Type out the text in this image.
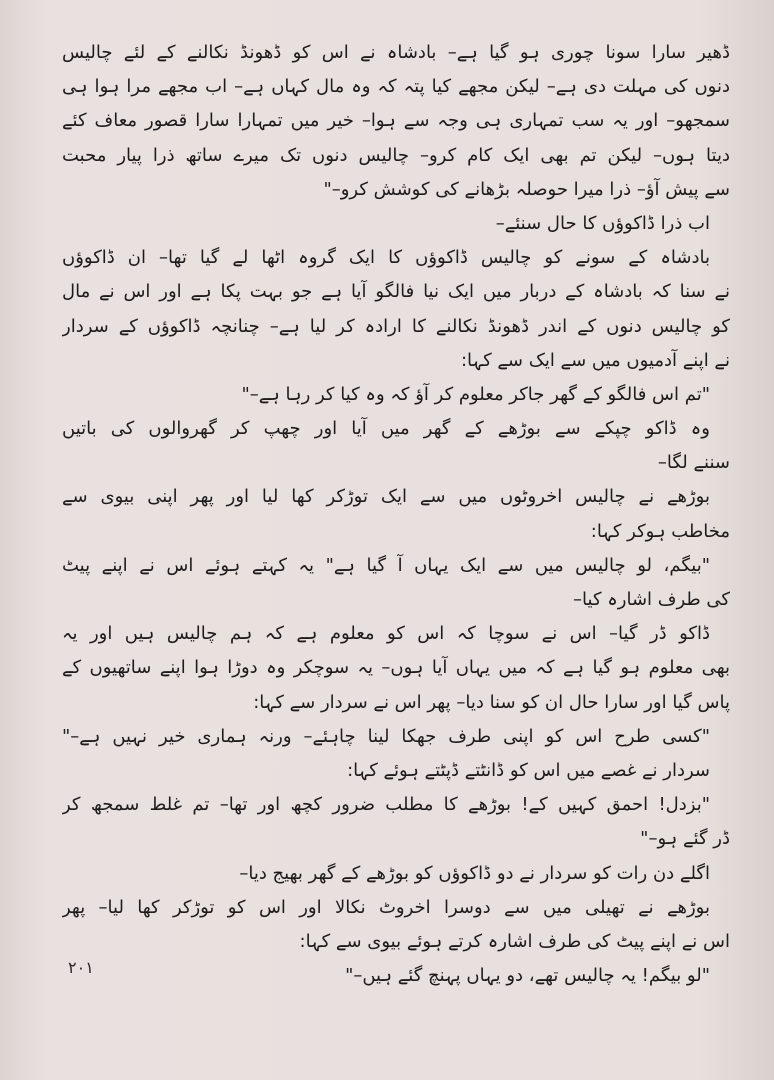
ڈھیر سارا سونا چوری ہو گیا ہے– بادشاہ نے اس کو ڈھونڈ نکالنے کے لئے چالیس
دنوں کی مہلت دی ہے– لیکن مجھے کیا پتہ کہ وہ مال کہاں ہے– اب مجھے مرا ہوا ہی
سمجھو– اور یہ سب تمہاری ہی وجہ سے ہوا– خیر میں تمہارا سارا قصور معاف کئے
دیتا ہوں– لیکن تم بھی ایک کام کرو– چالیس دنوں تک میرے ساتھ ذرا پیار محبت
سے پیش آؤ– ذرا میرا حوصلہ بڑھانے کی کوشش کرو–"
اب ذرا ڈاکوؤں کا حال سنئے–
بادشاہ کے سونے کو چالیس ڈاکوؤں کا ایک گروہ اٹھا لے گیا تھا– ان ڈاکوؤں
نے سنا کہ بادشاہ کے دربار میں ایک نیا فالگو آیا ہے جو بہت پکا ہے اور اس نے مال
کو چالیس دنوں کے اندر ڈھونڈ نکالنے کا ارادہ کر لیا ہے– چنانچہ ڈاکوؤں کے سردار
نے اپنے آدمیوں میں سے ایک سے کہا:
"تم اس فالگو کے گھر جاکر معلوم کر آؤ کہ وہ کیا کر رہا ہے–"
وہ ڈاکو چپکے سے بوڑھے کے گھر میں آیا اور چھپ کر گھروالوں کی باتیں
سننے لگا–
بوڑھے نے چالیس اخروٹوں میں سے ایک توڑکر کھا لیا اور پھر اپنی بیوی سے
مخاطب ہوکر کہا:
"بیگم، لو چالیس میں سے ایک یہاں آ گیا ہے" یہ کہتے ہوئے اس نے اپنے پیٹ
کی طرف اشارہ کیا–
ڈاکو ڈر گیا– اس نے سوچا کہ اس کو معلوم ہے کہ ہم چالیس ہیں اور یہ
بھی معلوم ہو گیا ہے کہ میں یہاں آیا ہوں– یہ سوچکر وہ دوڑا ہوا اپنے ساتھیوں کے
پاس گیا اور سارا حال ان کو سنا دیا– پھر اس نے سردار سے کہا:
"کسی طرح اس کو اپنی طرف جھکا لینا چاہئے– ورنہ ہماری خیر نہیں ہے–"
سردار نے غصے میں اس کو ڈانٹتے ڈپٹتے ہوئے کہا:
"بزدل! احمق کہیں کے! بوڑھے کا مطلب ضرور کچھ اور تھا– تم غلط سمجھ کر
ڈر گئے ہو–"
اگلے دن رات کو سردار نے دو ڈاکوؤں کو بوڑھے کے گھر بھیج دیا–
بوڑھے نے تھیلی میں سے دوسرا اخروٹ نکالا اور اس کو توڑکر کھا لیا– پھر
اس نے اپنے پیٹ کی طرف اشارہ کرتے ہوئے بیوی سے کہا:
"لو بیگم! یہ چالیس تھے، دو یہاں پہنچ گئے ہیں–"
۲۰۱
